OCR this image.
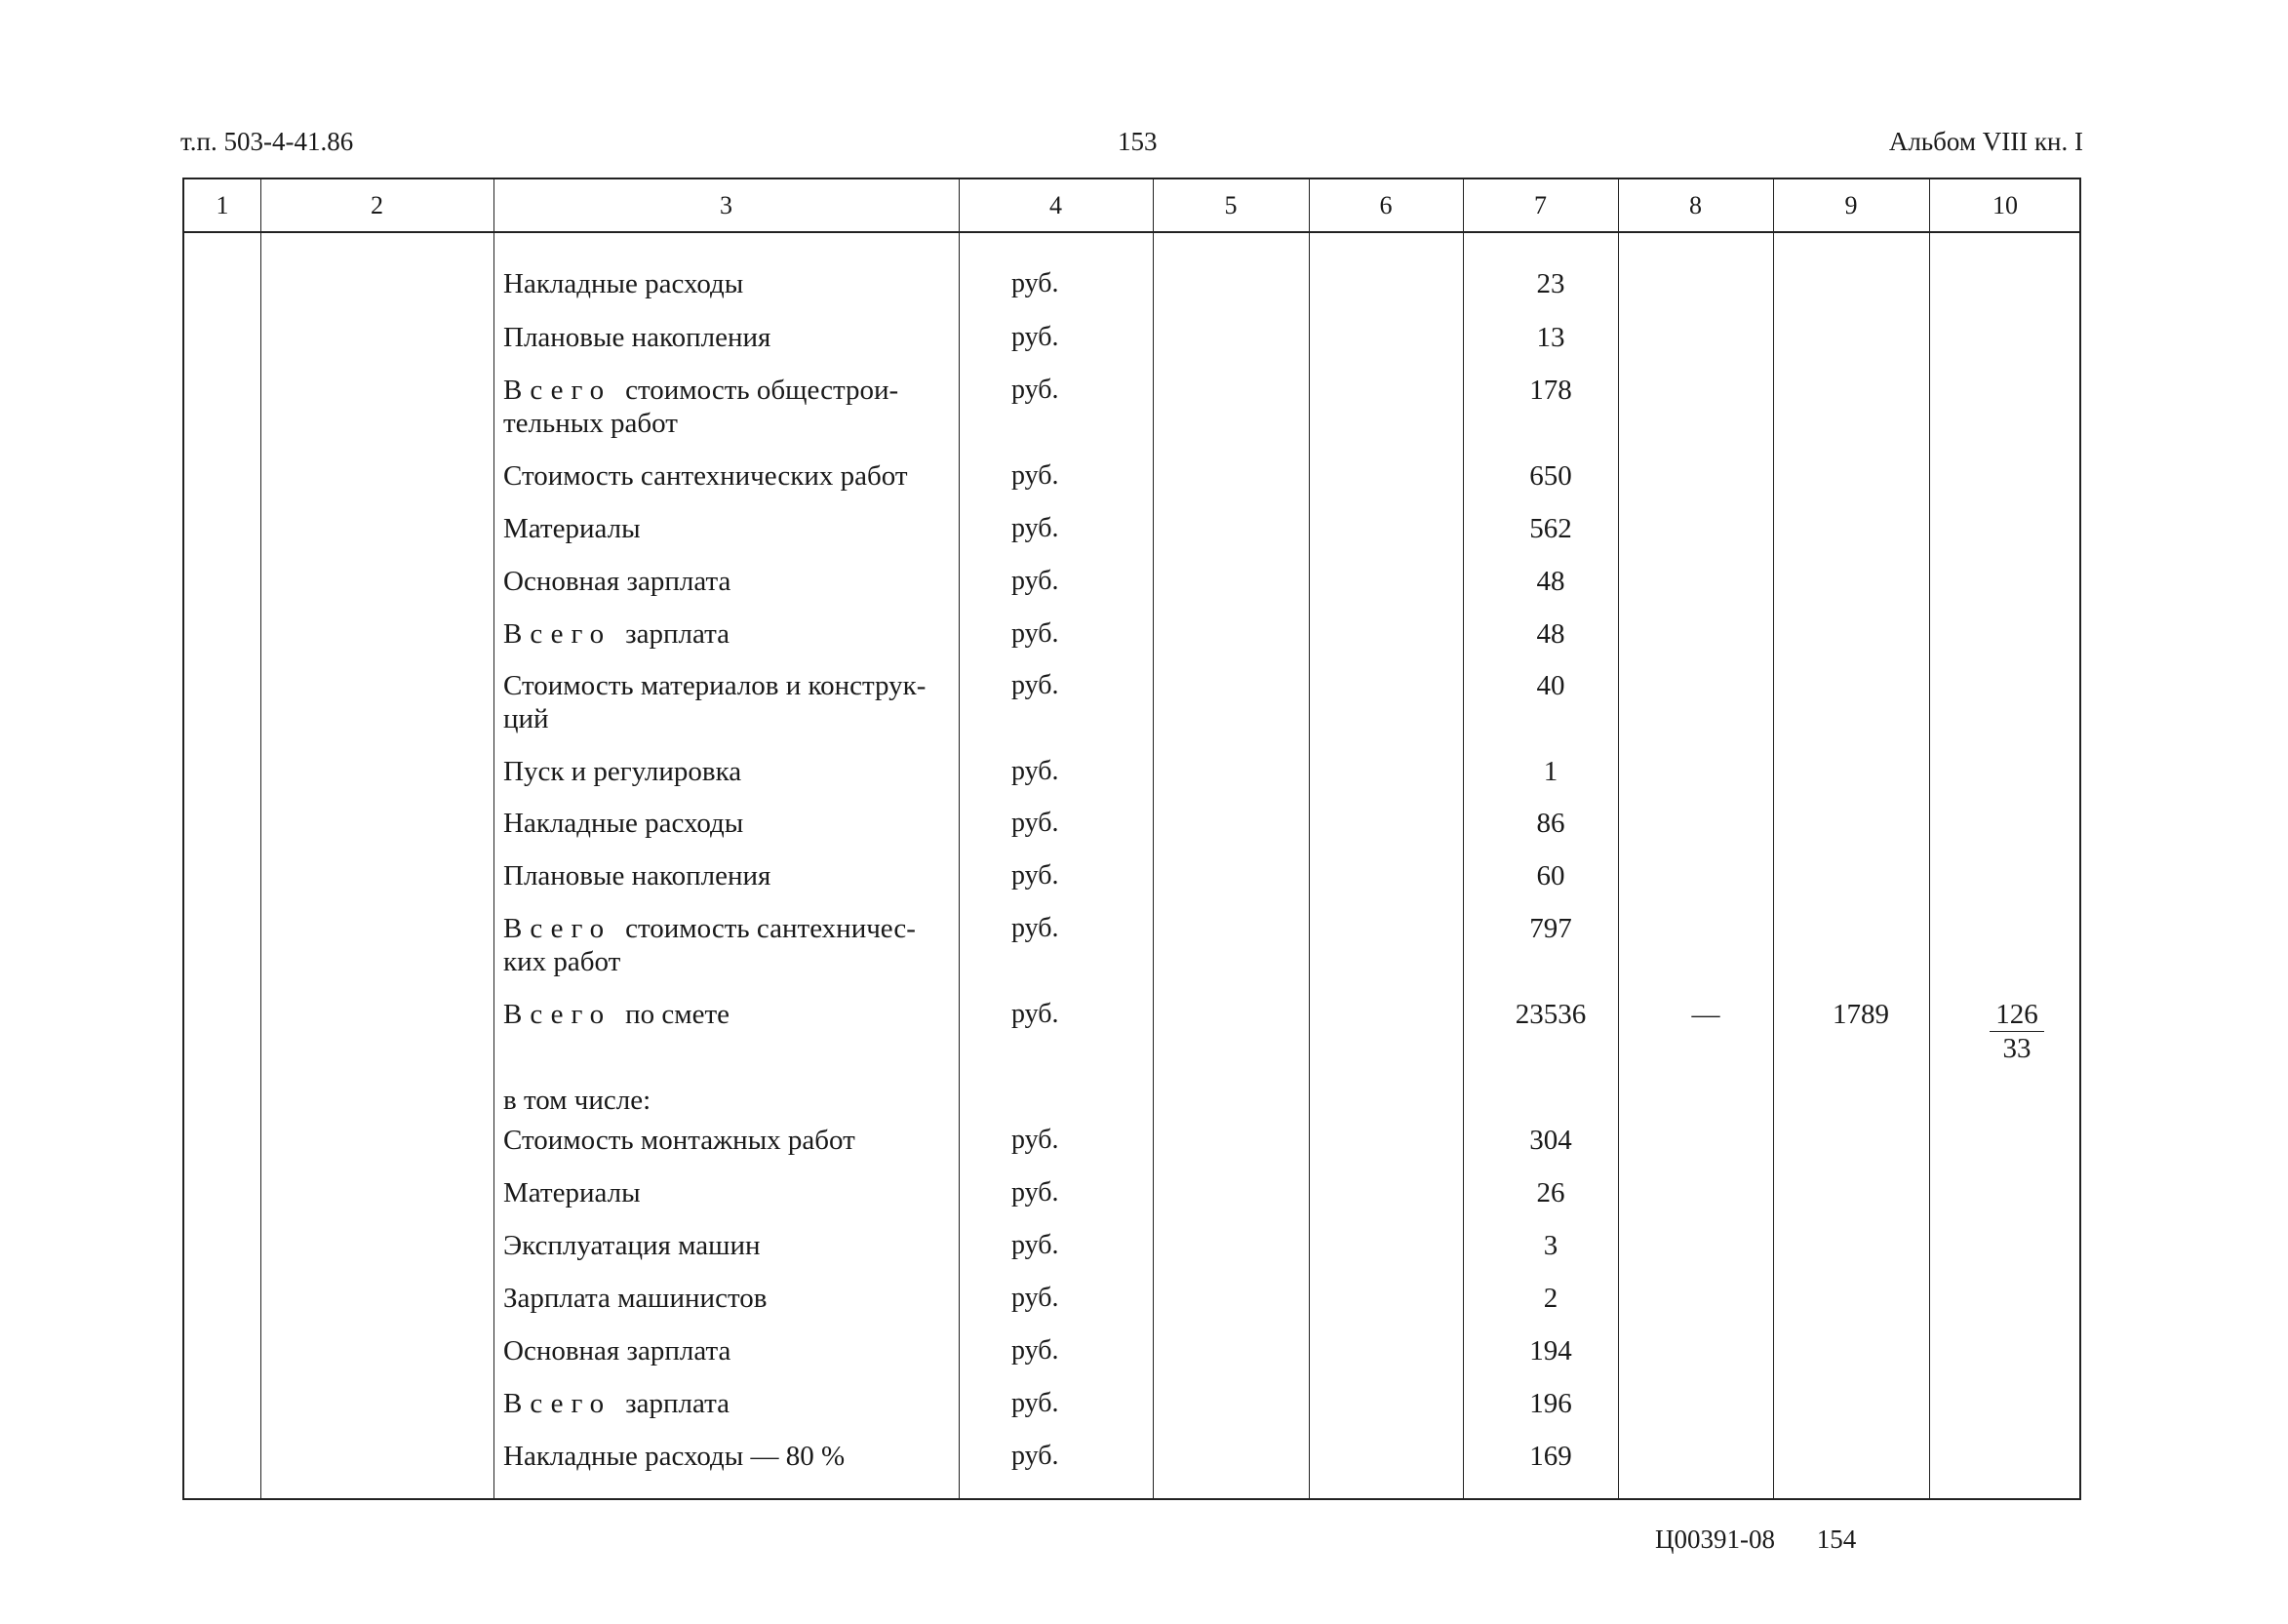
т.п. 503-4-41.86	153	Альбом VIII кн. I
1	2	3	4	5	6	7	8	9	10
Накладные расходы	руб.	23
Плановые накопления	руб.	13
Всего стоимость общестрои-
тельных работ
руб.	178
Стоимость сантехнических работ	руб.	650
Материалы	руб.	562
Основная зарплата	руб.	48
Всего зарплата	руб.	48
Стоимость материалов и конструк-
ций
руб.	40
Пуск и регулировка	руб.	1
Накладные расходы	руб.	86
Плановые накопления	руб.	60
Всего стоимость сантехничес-
ких работ
руб.	797
Всего по смете	руб.	23536	—	1789	$\frac{126}{33}$
в том числе:
Стоимость монтажных работ	руб.	304
Материалы	руб.	26
Эксплуатация машин	руб.	3
Зарплата машинистов	руб.	2
Основная зарплата	руб.	194
Всего зарплата	руб.	196
Накладные расходы — 80 %	руб.	169
Ц00391-08 154
